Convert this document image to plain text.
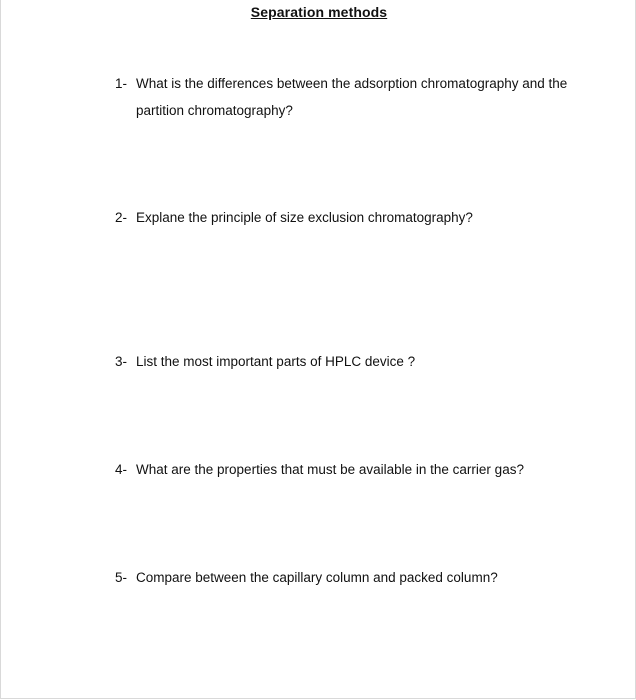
Separation methods
1- What is the differences between the adsorption chromatography and the partition chromatography?
2- Explane the principle of size exclusion chromatography?
3- List the most important parts of HPLC device ?
4- What are the properties that must be available in the carrier gas?
5- Compare between the capillary column and packed column?
